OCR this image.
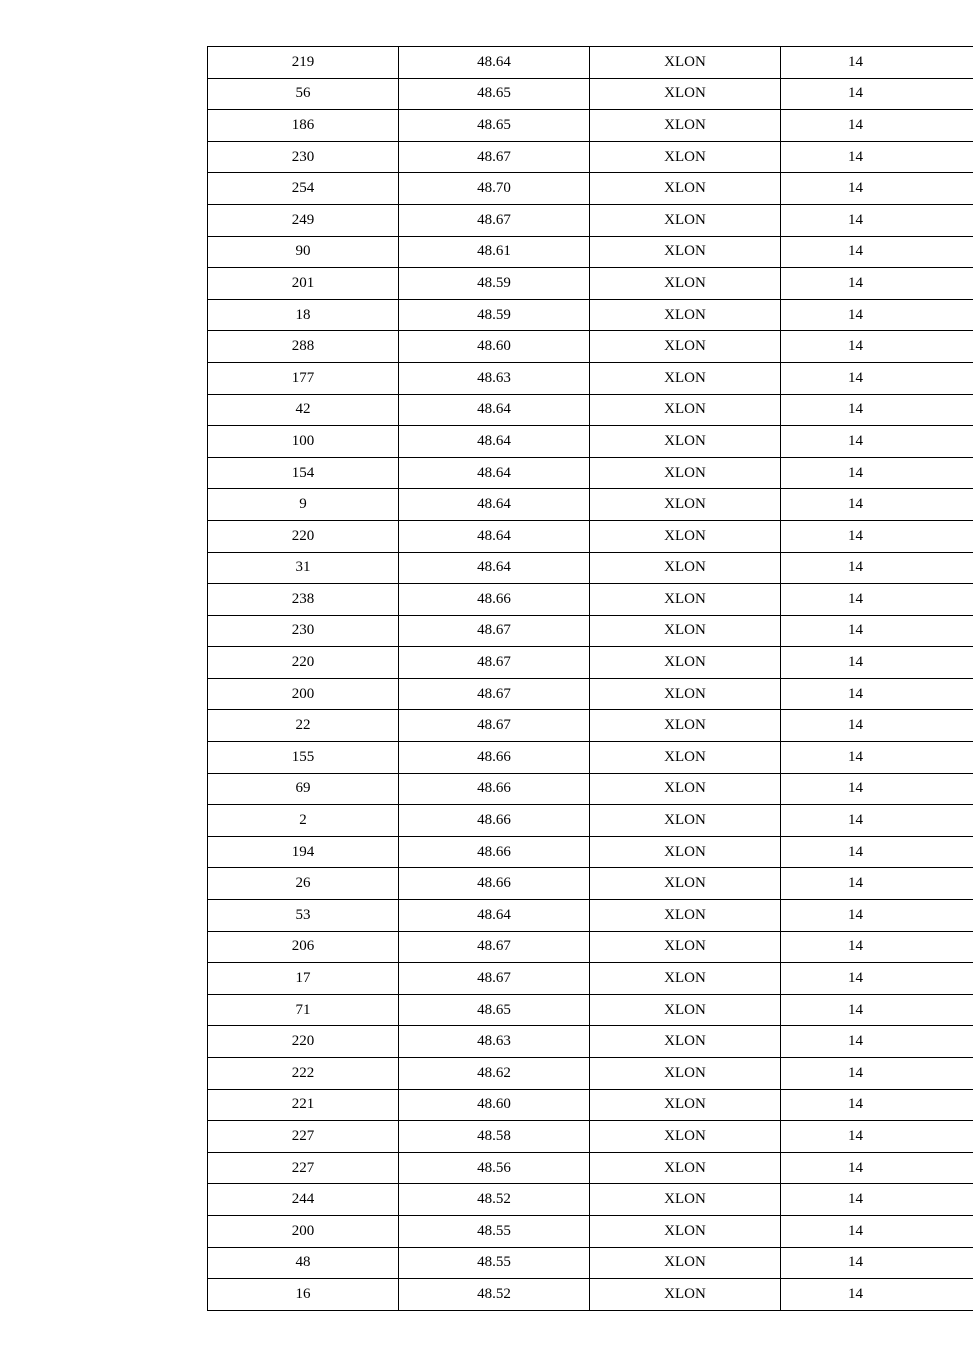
219	48.64	XLON	14
56	48.65	XLON	14
186	48.65	XLON	14
230	48.67	XLON	14
254	48.70	XLON	14
249	48.67	XLON	14
90	48.61	XLON	14
201	48.59	XLON	14
18	48.59	XLON	14
288	48.60	XLON	14
177	48.63	XLON	14
42	48.64	XLON	14
100	48.64	XLON	14
154	48.64	XLON	14
9	48.64	XLON	14
220	48.64	XLON	14
31	48.64	XLON	14
238	48.66	XLON	14
230	48.67	XLON	14
220	48.67	XLON	14
200	48.67	XLON	14
22	48.67	XLON	14
155	48.66	XLON	14
69	48.66	XLON	14
2	48.66	XLON	14
194	48.66	XLON	14
26	48.66	XLON	14
53	48.64	XLON	14
206	48.67	XLON	14
17	48.67	XLON	14
71	48.65	XLON	14
220	48.63	XLON	14
222	48.62	XLON	14
221	48.60	XLON	14
227	48.58	XLON	14
227	48.56	XLON	14
244	48.52	XLON	14
200	48.55	XLON	14
48	48.55	XLON	14
16	48.52	XLON	14
